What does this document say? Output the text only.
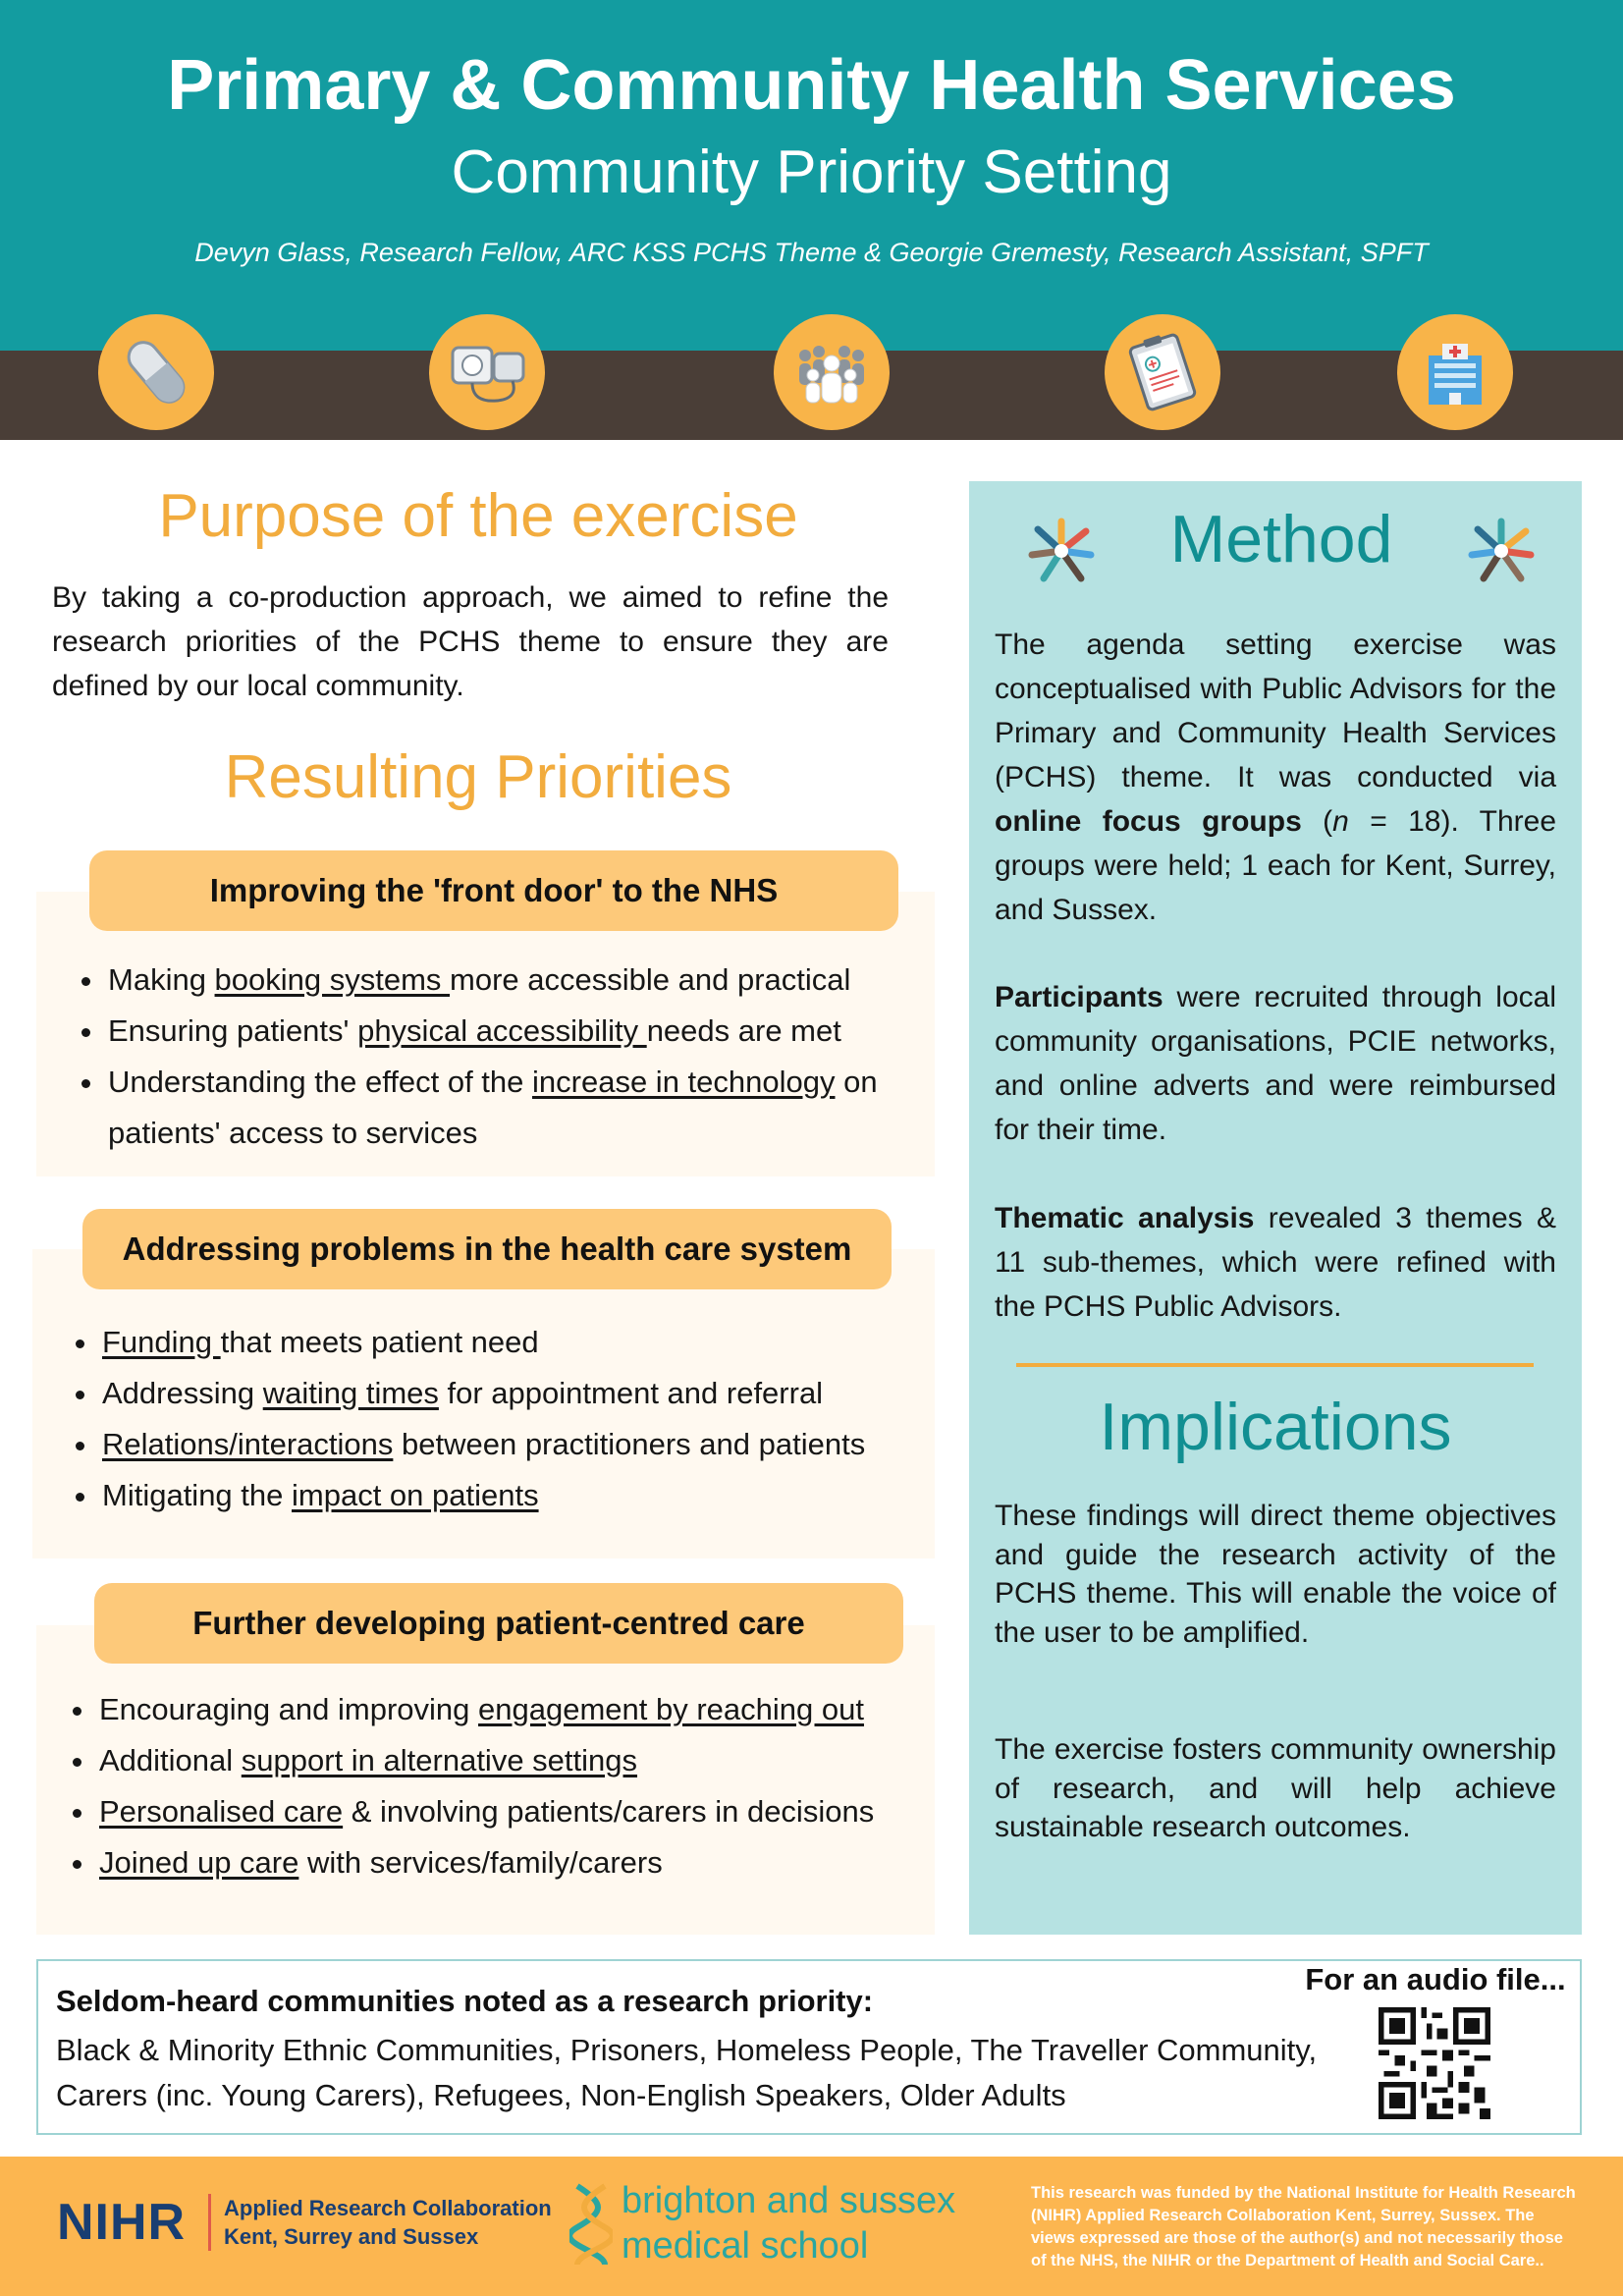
Primary & Community Health Services
Community Priority Setting
Devyn Glass, Research Fellow, ARC KSS PCHS Theme & Georgie Gremesty, Research Assistant, SPFT
Purpose of the exercise
By taking a co-production approach, we aimed to refine the research priorities of the PCHS theme to ensure they are defined by our local community.
Resulting Priorities
Improving the 'front door' to the NHS
• Making booking systems more accessible and practical
• Ensuring patients' physical accessibility needs are met
• Understanding the effect of the increase in technology on patients' access to services
Addressing problems in the health care system
• Funding that meets patient need
• Addressing waiting times for appointment and referral
• Relations/interactions between practitioners and patients
• Mitigating the impact on patients
Further developing patient-centred care
• Encouraging and improving engagement by reaching out
• Additional support in alternative settings
• Personalised care & involving patients/carers in decisions
• Joined up care with services/family/carers
Method
The agenda setting exercise was conceptualised with Public Advisors for the Primary and Community Health Services (PCHS) theme. It was conducted via online focus groups (n = 18). Three groups were held; 1 each for Kent, Surrey, and Sussex.
Participants were recruited through local community organisations, PCIE networks, and online adverts and were reimbursed for their time.
Thematic analysis revealed 3 themes & 11 sub-themes, which were refined with the PCHS Public Advisors.
Implications
These findings will direct theme objectives and guide the research activity of the PCHS theme. This will enable the voice of the user to be amplified.
The exercise fosters community ownership of research, and will help achieve sustainable research outcomes.
Seldom-heard communities noted as a research priority:
Black & Minority Ethnic Communities, Prisoners, Homeless People, The Traveller Community, Carers (inc. Young Carers), Refugees, Non-English Speakers, Older Adults
For an audio file...
NIHR Applied Research Collaboration
Kent, Surrey and Sussex
brighton and sussex
medical school
This research was funded by the National Institute for Health Research (NIHR) Applied Research Collaboration Kent, Surrey, Sussex. The views expressed are those of the author(s) and not necessarily those of the NHS, the NIHR or the Department of Health and Social Care..
